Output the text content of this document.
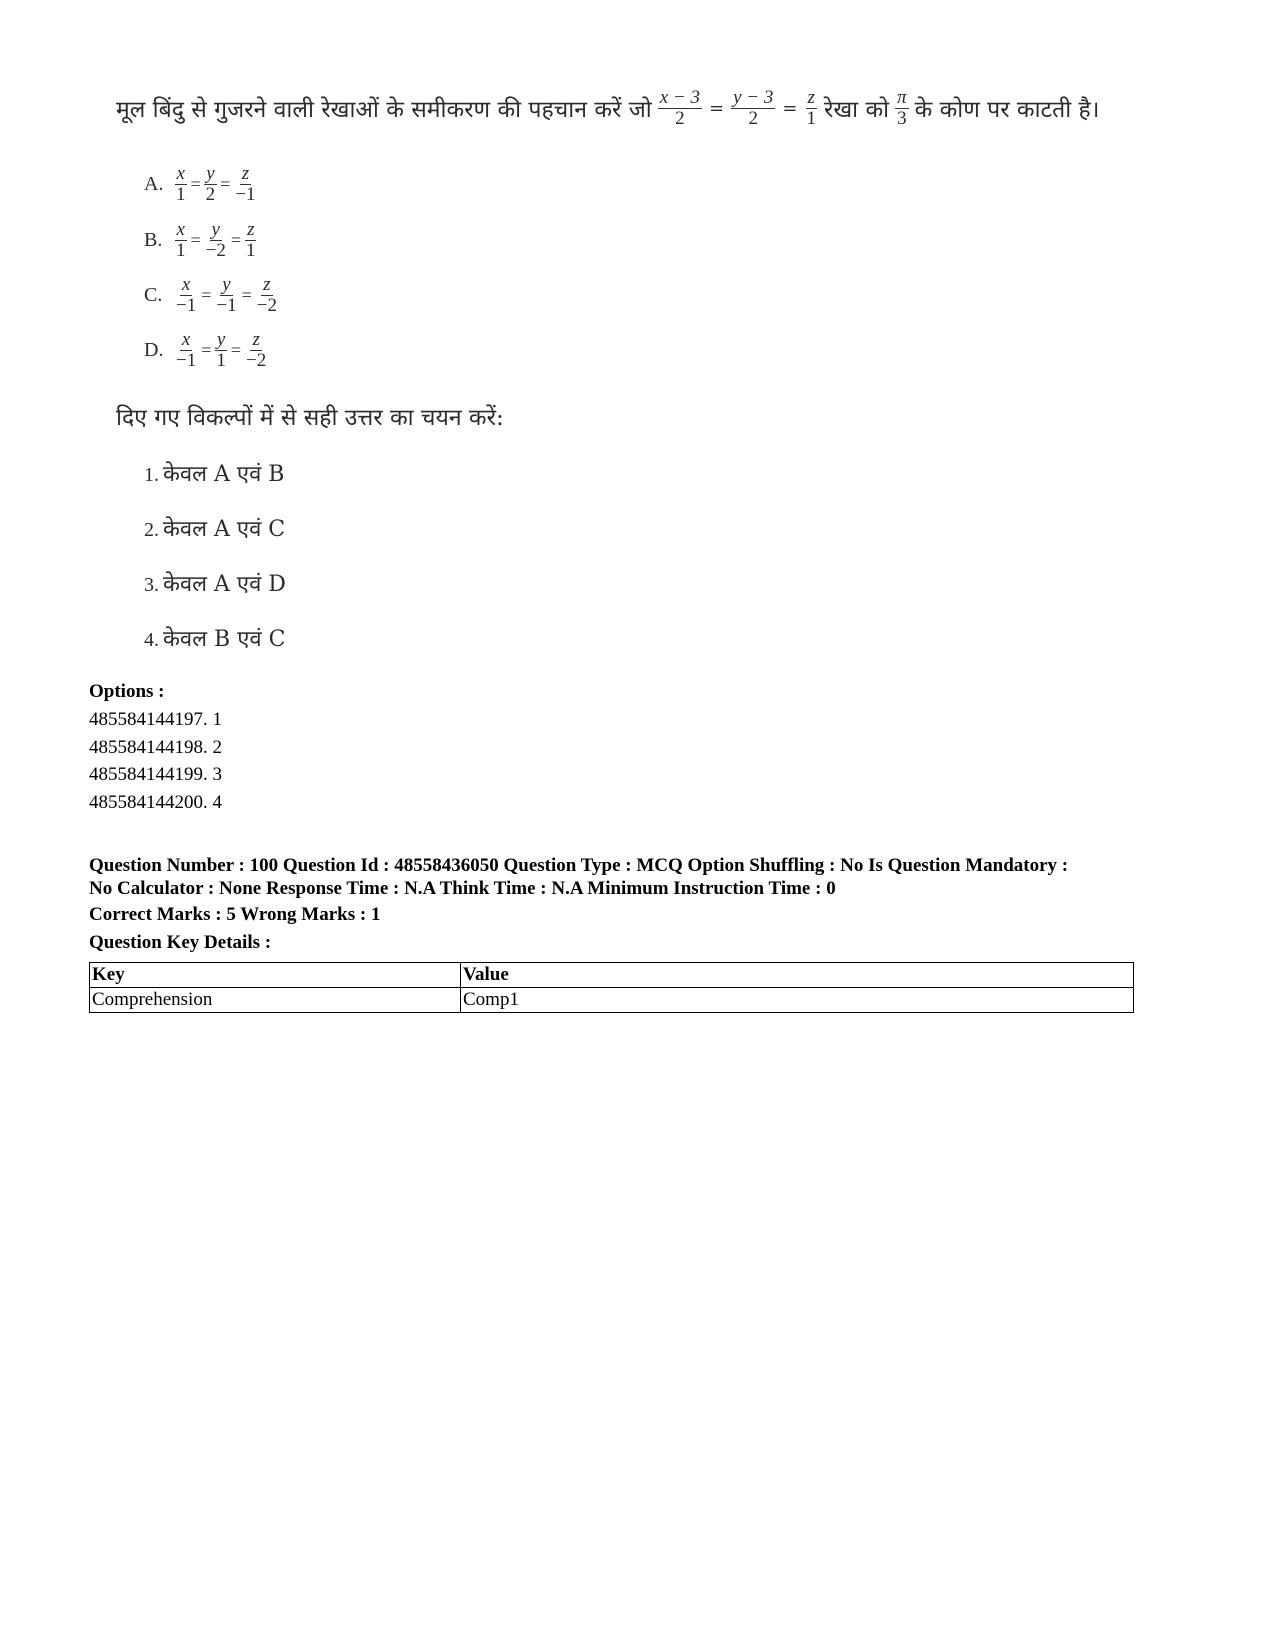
मूल बिंदु से गुजरने वाली रेखाओं के समीकरण की पहचान करें जो $\frac{x - 3}{2} = \frac{y - 3}{2} = \frac{z}{1}$ रेखा को $\frac{\pi}{3}$ के कोण पर काटती है।
A. $\frac{x}{1} = \frac{y}{2} = \frac{z}{-1}$
B. $\frac{x}{1} = \frac{y}{-2} = \frac{z}{1}$
C. $\frac{x}{-1} = \frac{y}{-1} = \frac{z}{-2}$
D. $\frac{x}{-1} = \frac{y}{1} = \frac{z}{-2}$
दिए गए विकल्पों में से सही उत्तर का चयन करें:
1. केवल A एवं B
2. केवल A एवं C
3. केवल A एवं D
4. केवल B एवं C
Options :
485584144197. 1
485584144198. 2
485584144199. 3
485584144200. 4
Question Number : 100 Question Id : 48558436050 Question Type : MCQ Option Shuffling : No Is Question Mandatory :
No Calculator : None Response Time : N.A Think Time : N.A Minimum Instruction Time : 0
Correct Marks : 5 Wrong Marks : 1
Question Key Details :
Key	Value
Comprehension	Comp1
